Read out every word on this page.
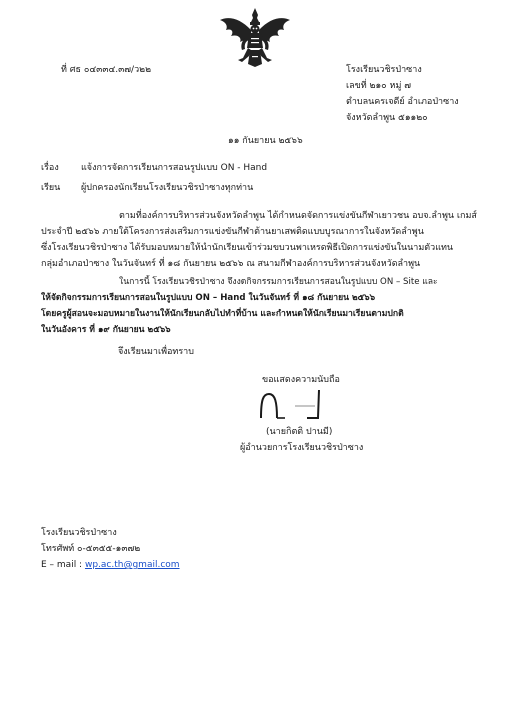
ที่ ศธ ๐๔๓๓๔.๓๗/ว๒๒	โรงเรียนวชิรป่าซาง
เลขที่ ๒๑๐ หมู่ ๗
ตำบลนครเจดีย์ อำเภอป่าซาง
จังหวัดลำพูน ๕๑๑๒๐
๑๑ กันยายน ๒๕๖๖
เรื่อง แจ้งการจัดการเรียนการสอนรูปแบบ ON - Hand
เรียน ผู้ปกครองนักเรียนโรงเรียนวชิรป่าซางทุกท่าน
ตามที่องค์การบริหารส่วนจังหวัดลำพูน ได้กำหนดจัดการแข่งขันกีฬาเยาวชน อบจ.ลำพูน เกมส์
ประจำปี ๒๕๖๖ ภายใต้โครงการส่งเสริมการแข่งขันกีฬาต้านยาเสพติดแบบบูรณาการในจังหวัดลำพูน
ซึ่งโรงเรียนวชิรป่าซาง ได้รับมอบหมายให้นำนักเรียนเข้าร่วมขบวนพาเหรดพิธีเปิดการแข่งขันในนามตัวแทน
กลุ่มอำเภอป่าซาง ในวันจันทร์ ที่ ๑๘ กันยายน ๒๕๖๖ ณ สนามกีฬาองค์การบริหารส่วนจังหวัดลำพูน
ในการนี้ โรงเรียนวชิรป่าซาง จึงงดกิจกรรมการเรียนการสอนในรูปแบบ ON – Site และ
ให้จัดกิจกรรมการเรียนการสอนในรูปแบบ ON – Hand ในวันจันทร์ ที่ ๑๘ กันยายน ๒๕๖๖
โดยครูผู้สอนจะมอบหมายในงานให้นักเรียนกลับไปทำที่บ้าน และกำหนดให้นักเรียนมาเรียนตามปกติ
ในวันอังคาร ที่ ๑๙ กันยายน ๒๕๖๖
จึงเรียนมาเพื่อทราบ
ขอแสดงความนับถือ
(นายกิตติ ปานมี)
ผู้อำนวยการโรงเรียนวชิรป่าซาง
โรงเรียนวชิรป่าซาง
โทรศัพท์ ๐-๕๓๕๕-๑๓๗๒
E – mail : wp.ac.th@gmail.com
